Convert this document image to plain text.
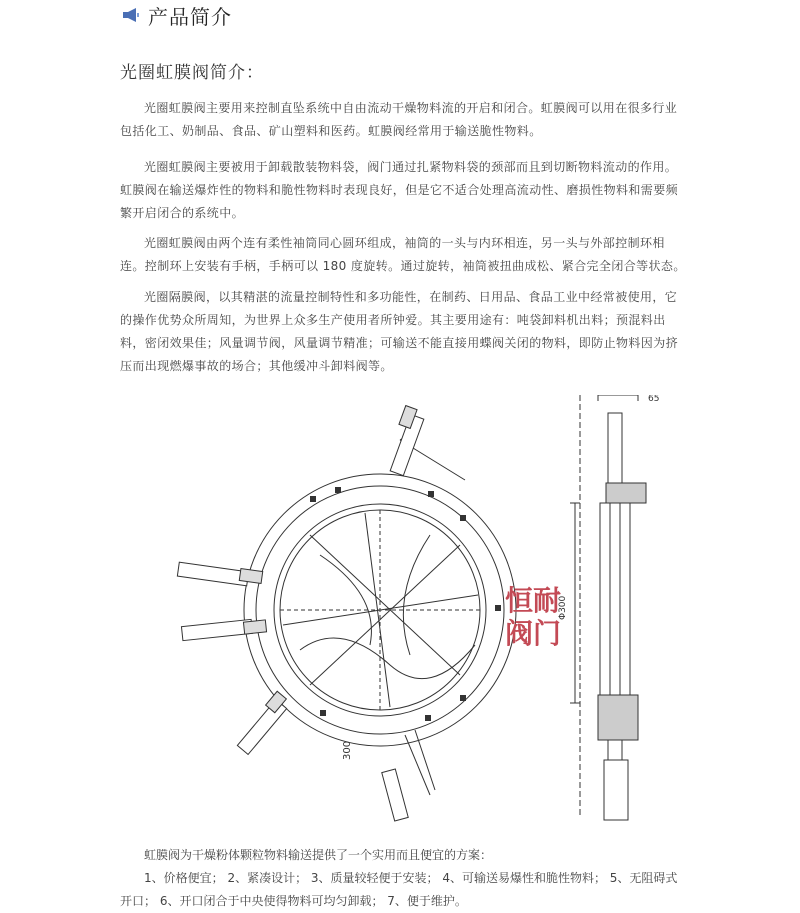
产品简介
光圈虹膜阀简介：

光圈虹膜阀主要用来控制直坠系统中自由流动干燥物料流的开启和闭合。虹膜阀可以用在很多行业包括化工、奶制品、食品、矿山塑料和医药。虹膜阀经常用于输送脆性物料。

光圈虹膜阀主要被用于卸载散装物料袋，阀门通过扎紧物料袋的颈部而且到切断物料流动的作用。虹膜阀在输送爆炸性的物料和脆性物料时表现良好，但是它不适合处理高流动性、磨损性物料和需要频繁开启闭合的系统中。

光圈虹膜阀由两个连有柔性袖筒同心圆环组成，袖筒的一头与内环相连，另一头与外部控制环相连。控制环上安装有手柄，手柄可以 180 度旋转。通过旋转，袖筒被扭曲成松、紧合完全闭合等状态。

光圈隔膜阀，以其精湛的流量控制特性和多功能性，在制药、日用品、食品工业中经常被使用，它的操作优势众所周知，为世界上众多生产使用者所钟爱。其主要用途有：吨袋卸料机出料；预混料出料，密闭效果佳；风量调节阀，风量调节精准；可输送不能直接用蝶阀关闭的物料，即防止物料因为挤压而出现燃爆事故的场合；其他缓冲斗卸料阀等。

300
恒耐
阀门
65
Φ300
虹膜阀为干燥粉体颗粒物料输送提供了一个实用而且便宜的方案：
1、价格便宜； 2、紧凑设计； 3、质量较轻便于安装； 4、可输送易爆性和脆性物料； 5、无阻碍式
开口； 6、开口闭合于中央使得物料可均匀卸载； 7、便于维护。
